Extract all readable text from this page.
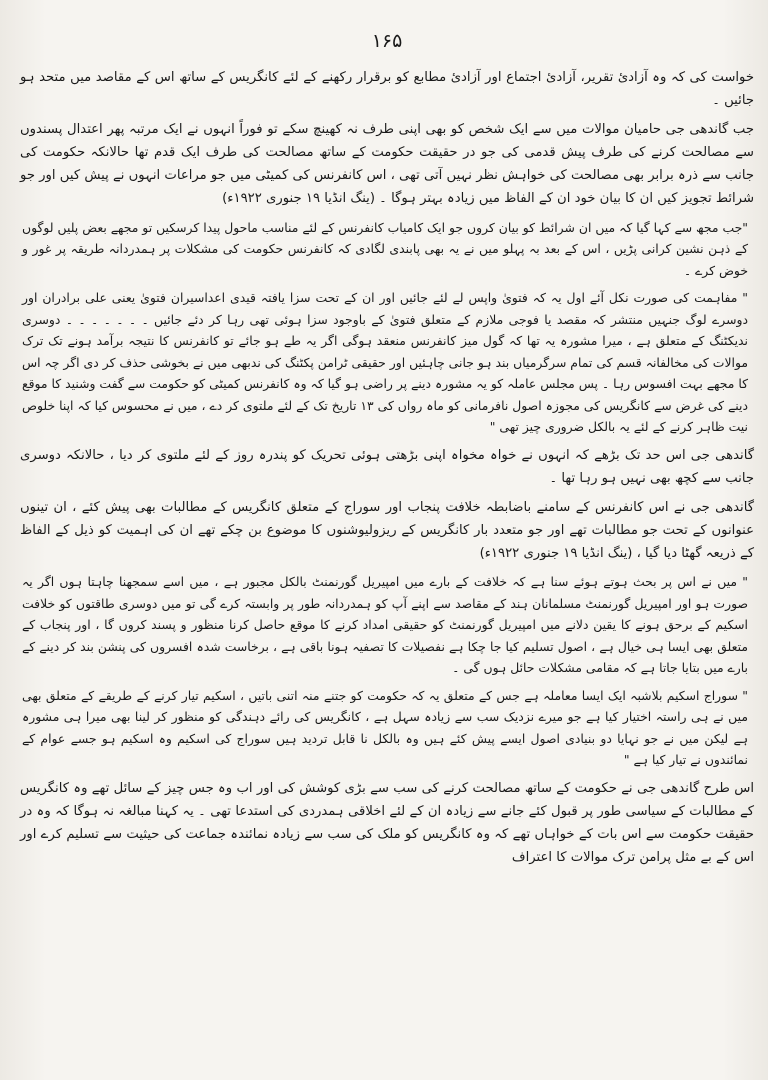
۱۶۵

خواست کی کہ وہ آزادئ تقریر، آزادئ اجتماع اور آزادئ مطابع کو برقرار رکھنے کے لئے کانگریس کے ساتھ اس کے مقاصد میں متحد ہو جائیں ۔

جب گاندھی جی حامیان موالات میں سے ایک شخص کو بھی اپنی طرف نہ کھینچ سکے تو فوراً انہوں نے ایک مرتبہ پھر اعتدال پسندوں سے مصالحت کرنے کی طرف پیش قدمی کی جو در حقیقت حکومت کے ساتھ مصالحت کی طرف ایک قدم تھا حالانکہ حکومت کی جانب سے ذرہ برابر بھی مصالحت کی خواہش نظر نہیں آتی تھی ، اس کانفرنس کی کمیٹی میں جو مراعات انہوں نے پیش کیں اور جو شرائط تجویز کیں ان کا بیان خود ان کے الفاظ میں زیادہ بہتر ہوگا ۔ (ینگ انڈیا ۱۹ جنوری ۱۹۲۲ء)

"جب مجھ سے کہا گیا کہ میں ان شرائط کو بیان کروں جو ایک کامیاب کانفرنس کے لئے مناسب ماحول پیدا کرسکیں تو مجھے بعض پلیں لوگوں کے ذہن نشین کرانی پڑیں ، اس کے بعد بہ پہلو میں نے یہ بھی پابندی لگادی کہ کانفرنس حکومت کی مشکلات پر ہمدردانہ طریقہ پر غور و خوض کرے ۔

" مفاہمت کی صورت نکل آئے اول یہ کہ فتویٰ واپس لے لئے جائیں اور ان کے تحت سزا یافتہ قیدی اعداسیران فتویٰ یعنی علی برادران اور دوسرے لوگ جنہیں منتشر کہ مقصد یا فوجی ملازم کے متعلق فتویٰ کے باوجود سزا ہوئی تھی رہا کر دئے جائیں ۔ ۔ ۔ ۔ ۔ ۔ ۔ دوسری ندیکٹنگ کے متعلق ہے ، میرا مشورہ یہ تھا کہ گول میز کانفرنس منعقد ہوگی اگر یہ طے ہو جائے تو کانفرنس کا نتیجہ برآمد ہونے تک ترک موالات کی مخالفانہ قسم کی تمام سرگرمیاں بند ہو جانی چاہئیں اور حقیقی ٹرامن پکٹنگ کی ندبھی میں نے بخوشی حذف کر دی اگر چہ اس کا مجھے بہت افسوس رہا ۔ پس مجلس عاملہ کو یہ مشورہ دینے پر راضی ہو گیا کہ وہ کانفرنس کمیٹی کو حکومت سے گفت وشنید کا موقع دینے کی غرض سے کانگریس کی مجوزہ اصول نافرمانی کو ماہ رواں کی ۱۳ تاریخ تک کے لئے ملتوی کر دے ، میں نے محسوس کیا کہ اپنا خلوص نیت ظاہر کرنے کے لئے یہ بالکل ضروری چیز تھی "

گاندھی جی اس حد تک بڑھے کہ انہوں نے خواہ مخواہ اپنی بڑھتی ہوئی تحریک کو پندرہ روز کے لئے ملتوی کر دیا ، حالانکہ دوسری جانب سے کچھ بھی نہیں ہو رہا تھا ۔

گاندھی جی نے اس کانفرنس کے سامنے باضابطہ خلافت پنجاب اور سوراج کے متعلق کانگریس کے مطالبات بھی پیش کئے ، ان تینوں عنوانوں کے تحت جو مطالبات تھے اور جو متعدد بار کانگریس کے ریزولیوشنوں کا موضوع بن چکے تھے ان کی اہمیت کو ذیل کے الفاظ کے ذریعہ گھٹا دیا گیا ، (ینگ انڈیا ۱۹ جنوری ۱۹۲۲ء)

" میں نے اس پر بحث ہوتے ہوئے سنا ہے کہ خلافت کے بارے میں امپیریل گورنمنٹ بالکل مجبور ہے ، میں اسے سمجھنا چاہتا ہوں اگر یہ صورت ہو اور امپیریل گورنمنٹ مسلمانان ہند کے مقاصد سے اپنے آپ کو ہمدردانہ طور پر وابستہ کرے گی تو میں دوسری طاقتوں کو خلافت اسکیم کے برحق ہونے کا یقین دلانے میں امپیریل گورنمنٹ کو حقیقی امداد کرنے کا موقع حاصل کرنا منظور و پسند کروں گا ، اور پنجاب کے متعلق بھی ایسا ہی خیال ہے ، اصول تسلیم کیا جا چکا ہے نفصیلات کا تصفیہ ہونا باقی ہے ، برخاست شدہ افسروں کی پنشن بند کر دینے کے بارے میں بتایا جاتا ہے کہ مقامی مشکلات حائل ہوں گی ۔

" سوراج اسکیم بلاشبہ ایک ایسا معاملہ ہے جس کے متعلق یہ کہ حکومت کو جتنے منہ اتنی باتیں ، اسکیم تیار کرنے کے طریقے کے متعلق بھی میں نے ہی راستہ اختیار کیا ہے جو میرے نزدیک سب سے زیادہ سہل ہے ، کانگریس کی رائے دہندگی کو منظور کر لینا بھی میرا ہی مشورہ ہے لیکن میں نے جو نہایا دو بنیادی اصول ایسے پیش کئے ہیں وہ بالکل نا قابل تردید ہیں سوراج کی اسکیم وہ اسکیم ہو جسے عوام کے نمائندوں نے تیار کیا ہے "

اس طرح گاندھی جی نے حکومت کے ساتھ مصالحت کرنے کی سب سے بڑی کوشش کی اور اب وہ جس چیز کے سائل تھے وہ کانگریس کے مطالبات کے سیاسی طور پر قبول کئے جانے سے زیادہ ان کے لئے اخلاقی ہمدردی کی استدعا تھی ۔ یہ کہنا مبالغہ نہ ہوگا کہ وہ در حقیقت حکومت سے اس بات کے خواہاں تھے کہ وہ کانگریس کو ملک کی سب سے زیادہ نمائندہ جماعت کی حیثیت سے تسلیم کرے اور اس کے بے مثل پرامن ترک موالات کا اعتراف
